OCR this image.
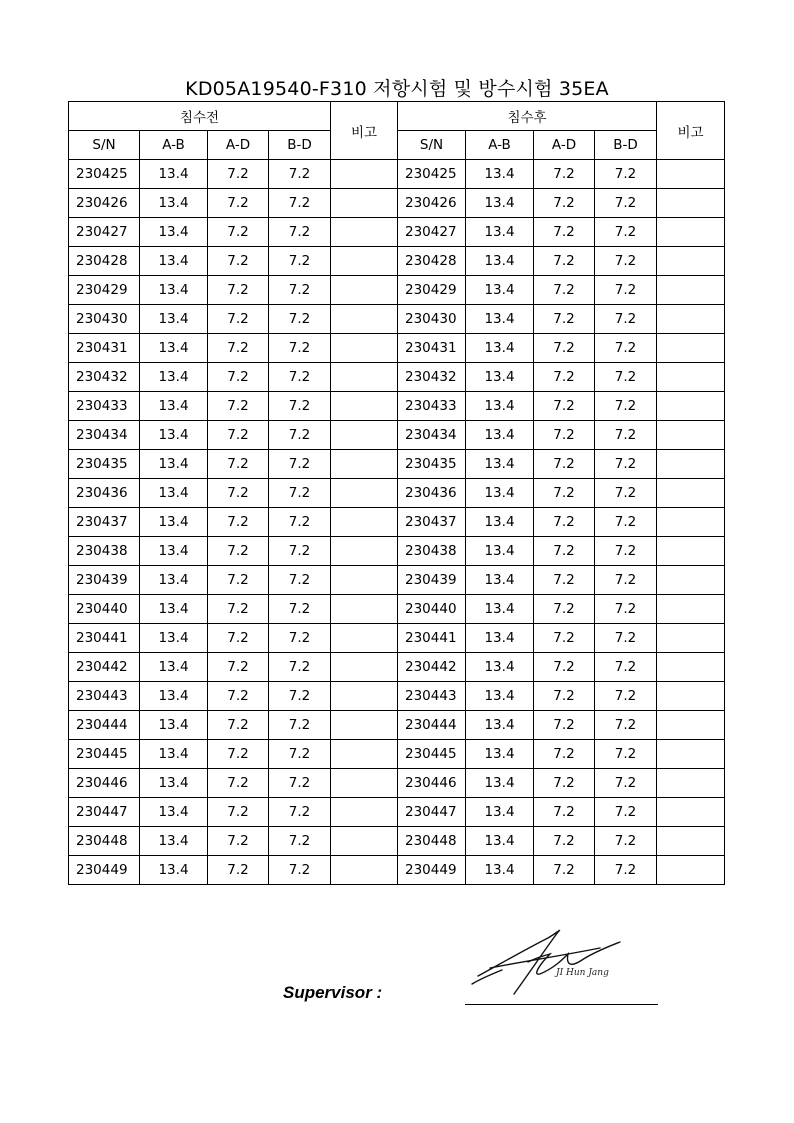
KD05A19540-F310 저항시험 및 방수시험 35EA
침수전				비고	침수후				비고
S/N	A-B	A-D	B-D		S/N	A-B	A-D	B-D	
230425	13.4	7.2	7.2		230425	13.4	7.2	7.2	
230426	13.4	7.2	7.2		230426	13.4	7.2	7.2	
230427	13.4	7.2	7.2		230427	13.4	7.2	7.2	
230428	13.4	7.2	7.2		230428	13.4	7.2	7.2	
230429	13.4	7.2	7.2		230429	13.4	7.2	7.2	
230430	13.4	7.2	7.2		230430	13.4	7.2	7.2	
230431	13.4	7.2	7.2		230431	13.4	7.2	7.2	
230432	13.4	7.2	7.2		230432	13.4	7.2	7.2	
230433	13.4	7.2	7.2		230433	13.4	7.2	7.2	
230434	13.4	7.2	7.2		230434	13.4	7.2	7.2	
230435	13.4	7.2	7.2		230435	13.4	7.2	7.2	
230436	13.4	7.2	7.2		230436	13.4	7.2	7.2	
230437	13.4	7.2	7.2		230437	13.4	7.2	7.2	
230438	13.4	7.2	7.2		230438	13.4	7.2	7.2	
230439	13.4	7.2	7.2		230439	13.4	7.2	7.2	
230440	13.4	7.2	7.2		230440	13.4	7.2	7.2	
230441	13.4	7.2	7.2		230441	13.4	7.2	7.2	
230442	13.4	7.2	7.2		230442	13.4	7.2	7.2	
230443	13.4	7.2	7.2		230443	13.4	7.2	7.2	
230444	13.4	7.2	7.2		230444	13.4	7.2	7.2	
230445	13.4	7.2	7.2		230445	13.4	7.2	7.2	
230446	13.4	7.2	7.2		230446	13.4	7.2	7.2	
230447	13.4	7.2	7.2		230447	13.4	7.2	7.2	
230448	13.4	7.2	7.2		230448	13.4	7.2	7.2	
230449	13.4	7.2	7.2		230449	13.4	7.2	7.2	
Supervisor :
JI Hun Jang
